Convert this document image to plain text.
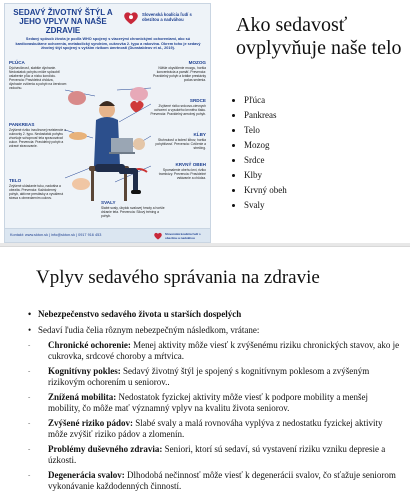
SEDAVÝ ŽIVOTNÝ ŠTÝL A JEHO VPLYV NA NAŠE ZDRAVIE
Slovenská koalícia ľudí s obezitou a nadváhou
Sedavý spôsob života je podľa WHO spojený s viacerými chronickými ochoreniami, ako sú kardiovaskulárne ochorenia, metabolický syndróm, cukrovka 2. typu a rakovina. Okrem toho je sedavý životný štýl spojený s vyšším rizikom úmrtnosti (Dunstableov et al., 2019).
PĽÚCA
Dýchavičnosť, slabšie dýchanie. Nedostatok pohybu môže spôsobiť oslabenie pľúc a nízku kondíciu. Prevencia: Pravidelná chôdza, dýchacie cvičenia a pohyb na čerstvom vzduchu.
PANKREAS
Zvýšené riziko inzulínovej rezistencie a cukrovky 2. typu. Nedostatok pohybu zhoršuje schopnosť tela spracovávať cukor. Prevencia: Pravidelný pohyb a zdravé stravovanie.
TELO
Zvýšené ukladanie tuku, nadváha a obezita. Prevencia: Každodenný pohyb, aktívne prestávky a vyvážená strava s obmedzením cukrov.
MOZOG
Nižšie okysličenie mozgu, horšia koncentrácia a pamäť. Prevencia: Pravidelný pohyb a krátke prestávky počas sedenia.
SRDCE
Zvýšené riziko srdcovo-cievnych ochorení a vysokého krvného tlaku. Prevencia: Pravidelný aerobný pohyb.
KĹBY
Stuhnutosť a bolesť kĺbov, horšia pohyblivosť. Prevencia: Cvičenie a strečing.
KRVNÝ OBEH
Spomalenie obehu krvi, riziko trombózy. Prevencia: Pravidelné vstávanie a chôdza.
SVALY
Slabé svaly, úbytok svalovej hmoty a horšie držanie tela. Prevencia: Silový tréning a pohyb.
Kontakt: www.skton.sk | info@skton.sk | 0917 916 453	Slovenská koalícia ľudí s obezitou a nadváhou
Ako sedavosť ovplyvňuje naše telo
• Pľúca
• Pankreas
• Telo
• Mozog
• Srdce
• Klby
• Krvný obeh
• Svaly
Vplyv sedavého správania na zdravie
• Nebezpečenstvo sedavého života u starších dospelých
• Sedaví ľudia čelia rôznym nebezpečným následkom, vrátane:
- Chronické ochorenie: Menej aktivity môže viesť k zvýšenému riziku chronických stavov, ako je cukrovka, srdcové choroby a mŕtvica.
- Kognitívny pokles: Sedavý životný štýl je spojený s kognitívnym poklesom a zvýšeným rizikovým ochorením u seniorov..
- Znížená mobilita: Nedostatok fyzickej aktivity môže viesť k podpore mobility a menšej mobility, čo môže mať významný vplyv na kvalitu života seniorov.
- Zvýšené riziko pádov: Slabé svaly a malá rovnováha vyplýva z nedostatku fyzickej aktivity môže zvýšiť riziko pádov a zlomenín.
- Problémy duševného zdravia: Seniori, ktorí sú sedaví, sú vystavení riziku vzniku depresie a úzkosti.
- Degenerácia svalov: Dlhodobá nečinnosť môže viesť k degenerácii svalov, čo sťažuje seniorom vykonávanie každodenných činností.
